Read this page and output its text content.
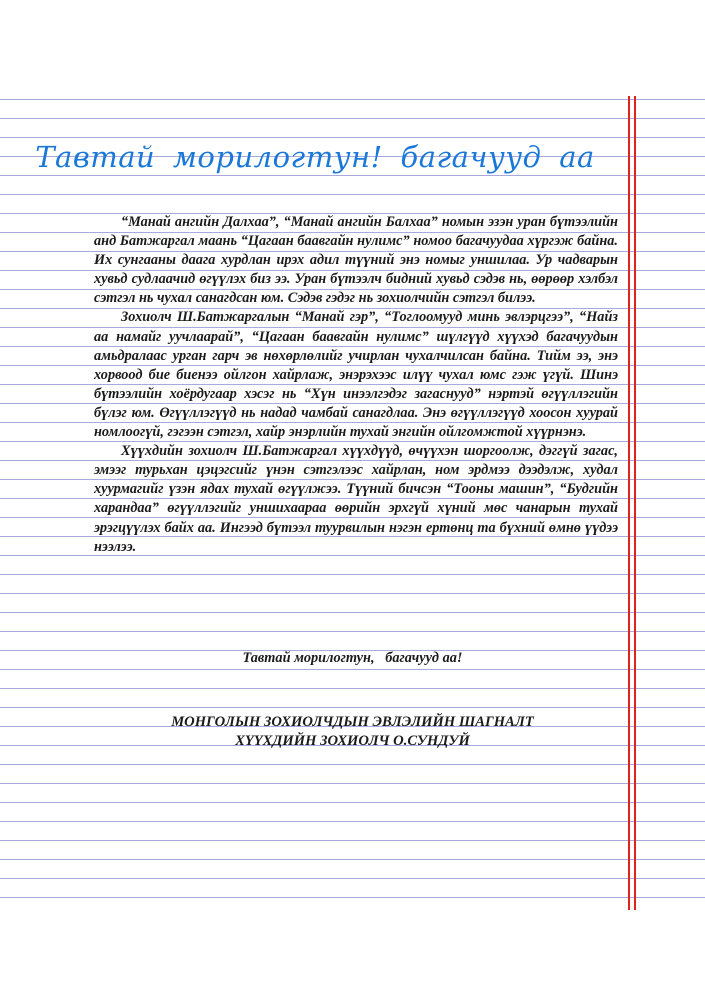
Тавтай морилогтун! багачууд аа

“Манай ангийн Далхаа”, “Манай ангийн Балхаа” номын эзэн уран бүтээлийн анд Батжаргал маань “Цагаан баавгайн нулимс” номоо багачуудаа хүргэж байна. Их сунгааны даага хурдлан ирэх адил түүний энэ номыг уншилаа. Ур чадварын хувьд судлаачид өгүүлэх биз ээ. Уран бүтээлч бидний хувьд сэдэв нь, өөрөөр хэлбэл сэтгэл нь чухал санагдсан юм. Сэдэв гэдэг нь зохиолчийн сэтгэл билээ.

Зохиолч Ш.Батжаргалын “Манай гэр”, “Тоглоомууд минь эвлэрцгээ”, “Найз аа намайг уучлаарай”, “Цагаан баавгайн нулимс” шүлгүүд хүүхэд багачуудын амьдралаас урган гарч эв нөхөрлөлийг учирлан чухалчилсан байна. Тийм ээ, энэ хорвоод бие биенээ ойлгон хайрлаж, энэрэхээс илүү чухал юмс гэж үгүй. Шинэ бүтээлийн хоёрдугаар хэсэг нь “Хүн инээлгэдэг загаснууд” нэртэй өгүүллэгийн бүлэг юм. Өгүүллэгүүд нь надад чамбай санагдлаа. Энэ өгүүллэгүүд хоосон хуурай номлоогүй, гэгээн сэтгэл, хайр энэрлийн тухай энгийн ойлгомжтой хүүрнэнэ.

Хүүхдийн зохиолч Ш.Батжаргал хүүхдүүд, өчүүхэн шоргоолж, дэггүй загас, эмээг турьхан цэцэгсийг үнэн сэтгэлээс хайрлан, ном эрдмээ дээдэлж, худал хуурмагийг үзэн ядах тухай өгүүлжээ. Түүний бичсэн “Тооны машин”, “Будгийн харандаа” өгүүллэгийг уншихаараа өөрийн эрхгүй хүний мөс чанарын тухай эрэгцүүлэх байх аа. Ингээд бүтээл туурвилын нэгэн ертөнц та бүхний өмнө үүдээ нээлээ.

Тавтай морилогтун,   багачууд аа!
МОНГОЛЫН ЗОХИОЛЧДЫН ЭВЛЭЛИЙН ШАГНАЛТ
ХҮҮХДИЙН ЗОХИОЛЧ О.СУНДУЙ
